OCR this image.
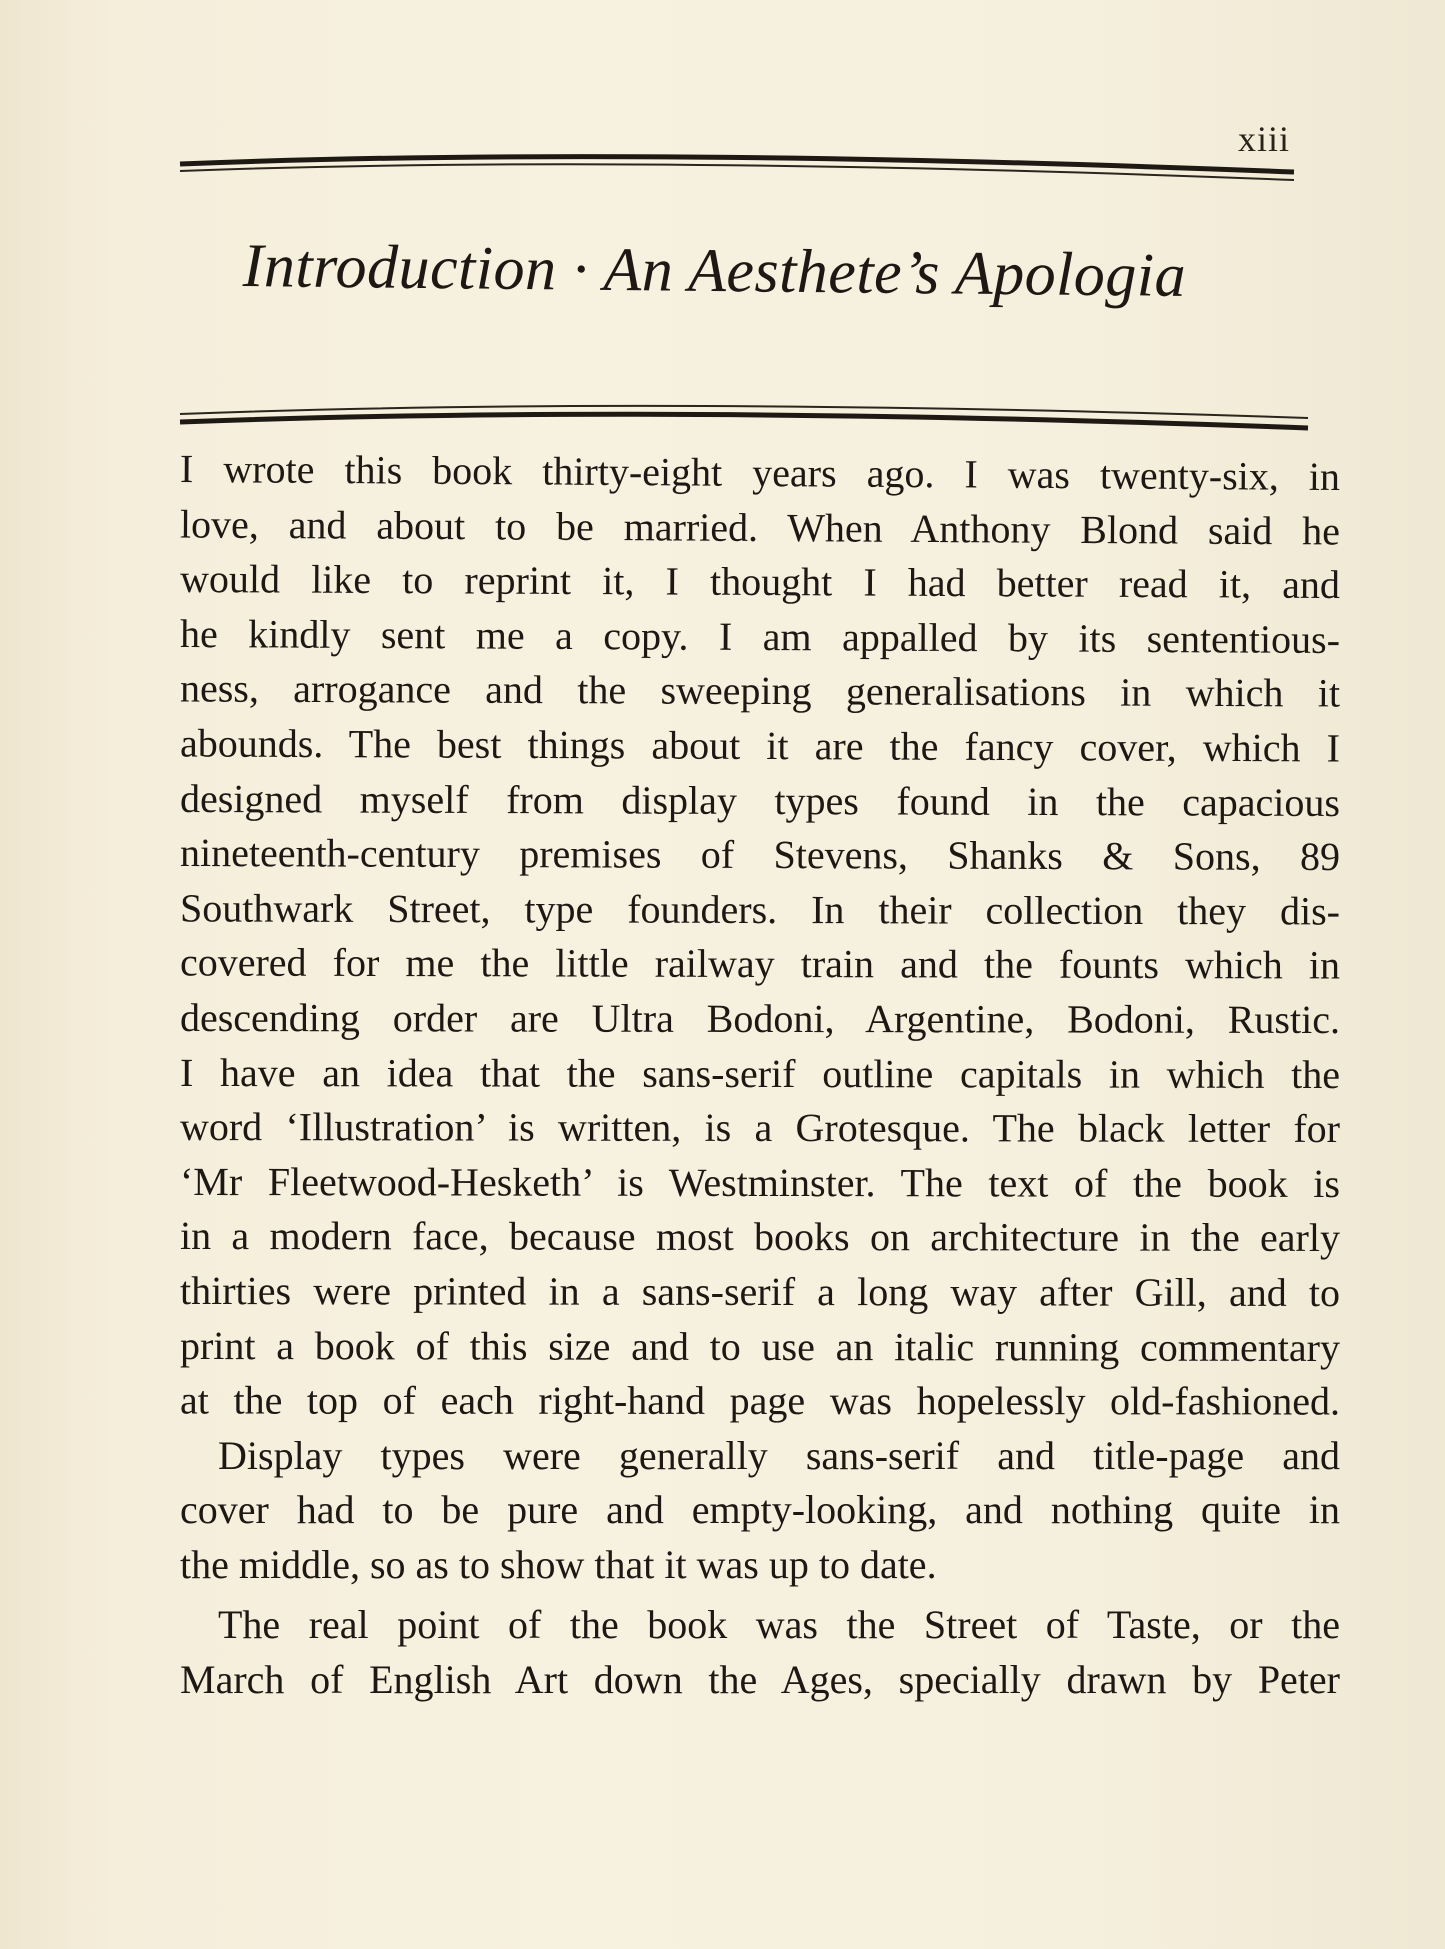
xiii
Introduction · An Aesthete’s Apologia
I wrote this book thirty-eight years ago. I was twenty-six, in
love, and about to be married. When Anthony Blond said he
would like to reprint it, I thought I had better read it, and
he kindly sent me a copy. I am appalled by its sententious-
ness, arrogance and the sweeping generalisations in which it
abounds. The best things about it are the fancy cover, which I
designed myself from display types found in the capacious
nineteenth-century premises of Stevens, Shanks & Sons, 89
Southwark Street, type founders. In their collection they dis-
covered for me the little railway train and the founts which in
descending order are Ultra Bodoni, Argentine, Bodoni, Rustic.
I have an idea that the sans-serif outline capitals in which the
word ‘Illustration’ is written, is a Grotesque. The black letter for
‘Mr Fleetwood-Hesketh’ is Westminster. The text of the book is
in a modern face, because most books on architecture in the early
thirties were printed in a sans-serif a long way after Gill, and to
print a book of this size and to use an italic running commentary
at the top of each right-hand page was hopelessly old-fashioned.
Display types were generally sans-serif and title-page and
cover had to be pure and empty-looking, and nothing quite in
the middle, so as to show that it was up to date.
The real point of the book was the Street of Taste, or the
March of English Art down the Ages, specially drawn by Peter
